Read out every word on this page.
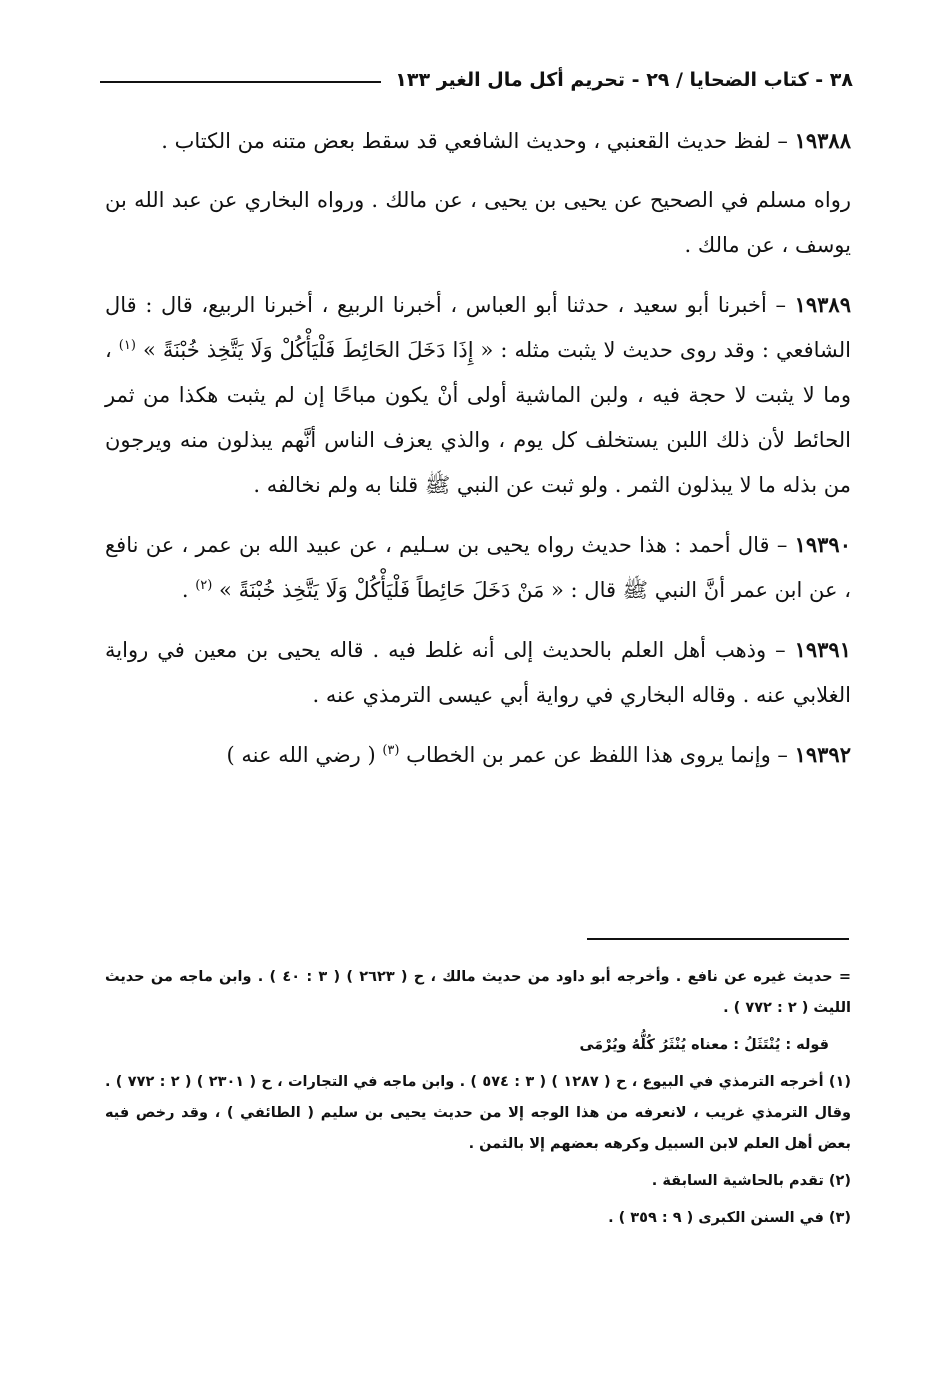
٣٨ - كتاب الضحايا / ٢٩ - تحريم أكل مال الغير ١٣٣

١٩٣٨٨ – لفظ حديث القعنبي ، وحديث الشافعي قد سقط بعض متنه من الكتاب .

رواه مسلم في الصحيح عن يحيى بن يحيى ، عن مالك . ورواه البخاري عن عبد الله بن يوسف ، عن مالك .

١٩٣٨٩ – أخبرنا أبو سعيد ، حدثنا أبو العباس ، أخبرنا الربيع ، أخبرنا الربيع، قال : قال الشافعي : وقد روى حديث لا يثبت مثله : « إِذَا دَخَلَ الحَائِطَ فَلْيَأْكُلْ وَلَا يَتَّخِذ خُبْنَةً » $^{(١)}$ ، وما لا يثبت لا حجة فيه ، ولبن الماشية أولى أنْ يكون مباحًا إن لم يثبت هكذا من ثمر الحائط لأن ذلك اللبن يستخلف كل يوم ، والذي يعزف الناس أنَّهم يبذلون منه ويرجون من بذله ما لا يبذلون الثمر . ولو ثبت عن النبي ﷺ قلنا به ولم نخالفه .

١٩٣٩٠ – قال أحمد : هذا حديث رواه يحيى بن سـليم ، عن عبيد الله بن عمر ، عن نافع ، عن ابن عمر أنَّ النبي ﷺ قال : « مَنْ دَخَلَ حَائِطاً فَلْيَأْكُلْ وَلَا يَتَّخِذ خُبْنَةً » $^{(٢)}$ .

١٩٣٩١ – وذهب أهل العلم بالحديث إلى أنه غلط فيه . قاله يحيى بن معين في رواية الغلابي عنه . وقاله البخاري في رواية أبي عيسى الترمذي عنه .

١٩٣٩٢ – وإنما يروى هذا اللفظ عن عمر بن الخطاب $^{(٣)}$ ( رضي الله عنه )

= حديث غيره عن نافع . وأخرجه أبو داود من حديث مالك ، ح ( ٢٦٢٣ ) ( ٣ : ٤٠ ) . وابن ماجه من حديث الليث ( ٢ : ٧٧٢ ) .

قوله : يُنْتَثَلُ : معناه يُنْثَرُ كُلُّهُ ويُرْمَى

(١) أخرجه الترمذي في البيوع ، ح ( ١٢٨٧ ) ( ٣ : ٥٧٤ ) . وابن ماجه في التجارات ، ح ( ٢٣٠١ ) ( ٢ : ٧٧٢ ) . وقال الترمذي غريب ، لانعرفه من هذا الوجه إلا من حديث يحيى بن سليم ( الطائفي ) ، وقد رخص فيه بعض أهل العلم لابن السبيل وكرهه بعضهم إلا بالثمن .

(٢) تقدم بالحاشية السابقة .

(٣) في السنن الكبرى ( ٩ : ٣٥٩ ) .
